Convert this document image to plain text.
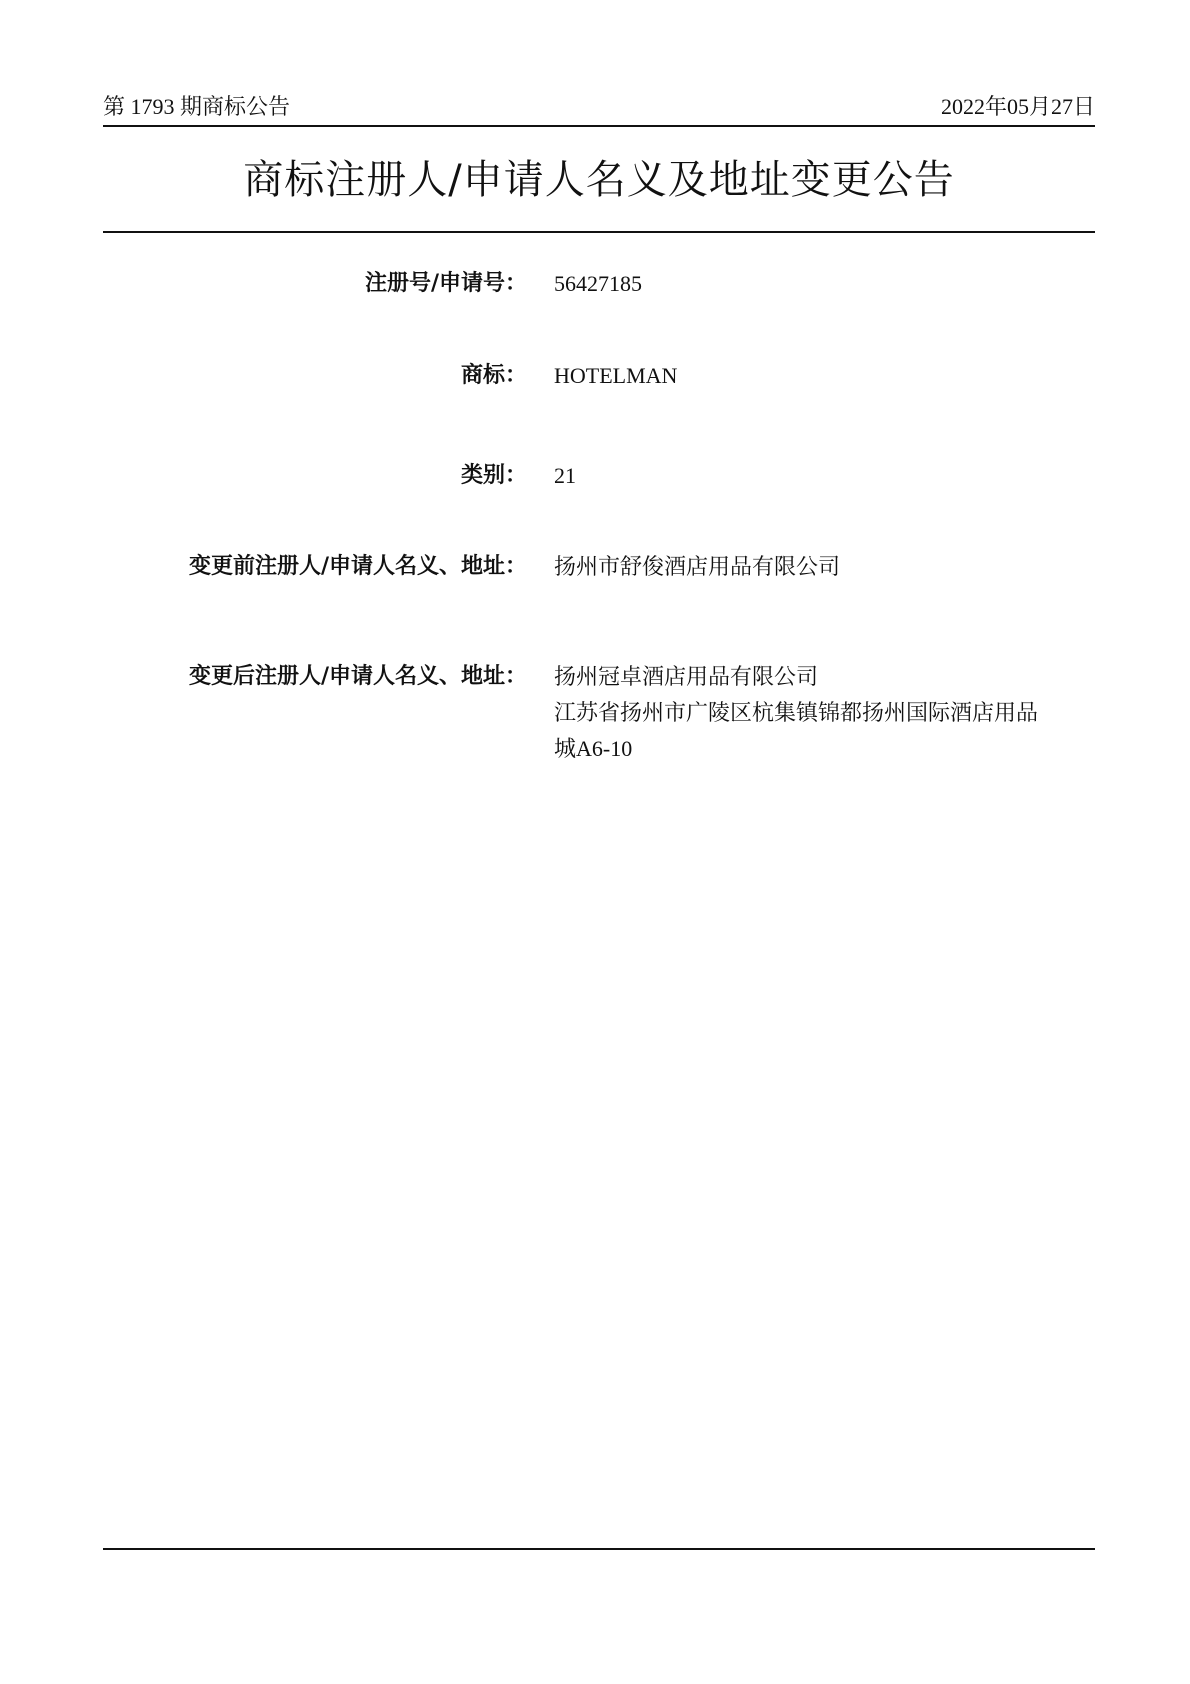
第 1793 期商标公告	2022年05月27日
商标注册人/申请人名义及地址变更公告
注册号/申请号： 56427185
商标： HOTELMAN
类别： 21
变更前注册人/申请人名义、地址： 扬州市舒俊酒店用品有限公司
变更后注册人/申请人名义、地址： 扬州冠卓酒店用品有限公司
江苏省扬州市广陵区杭集镇锦都扬州国际酒店用品
城A6-10
